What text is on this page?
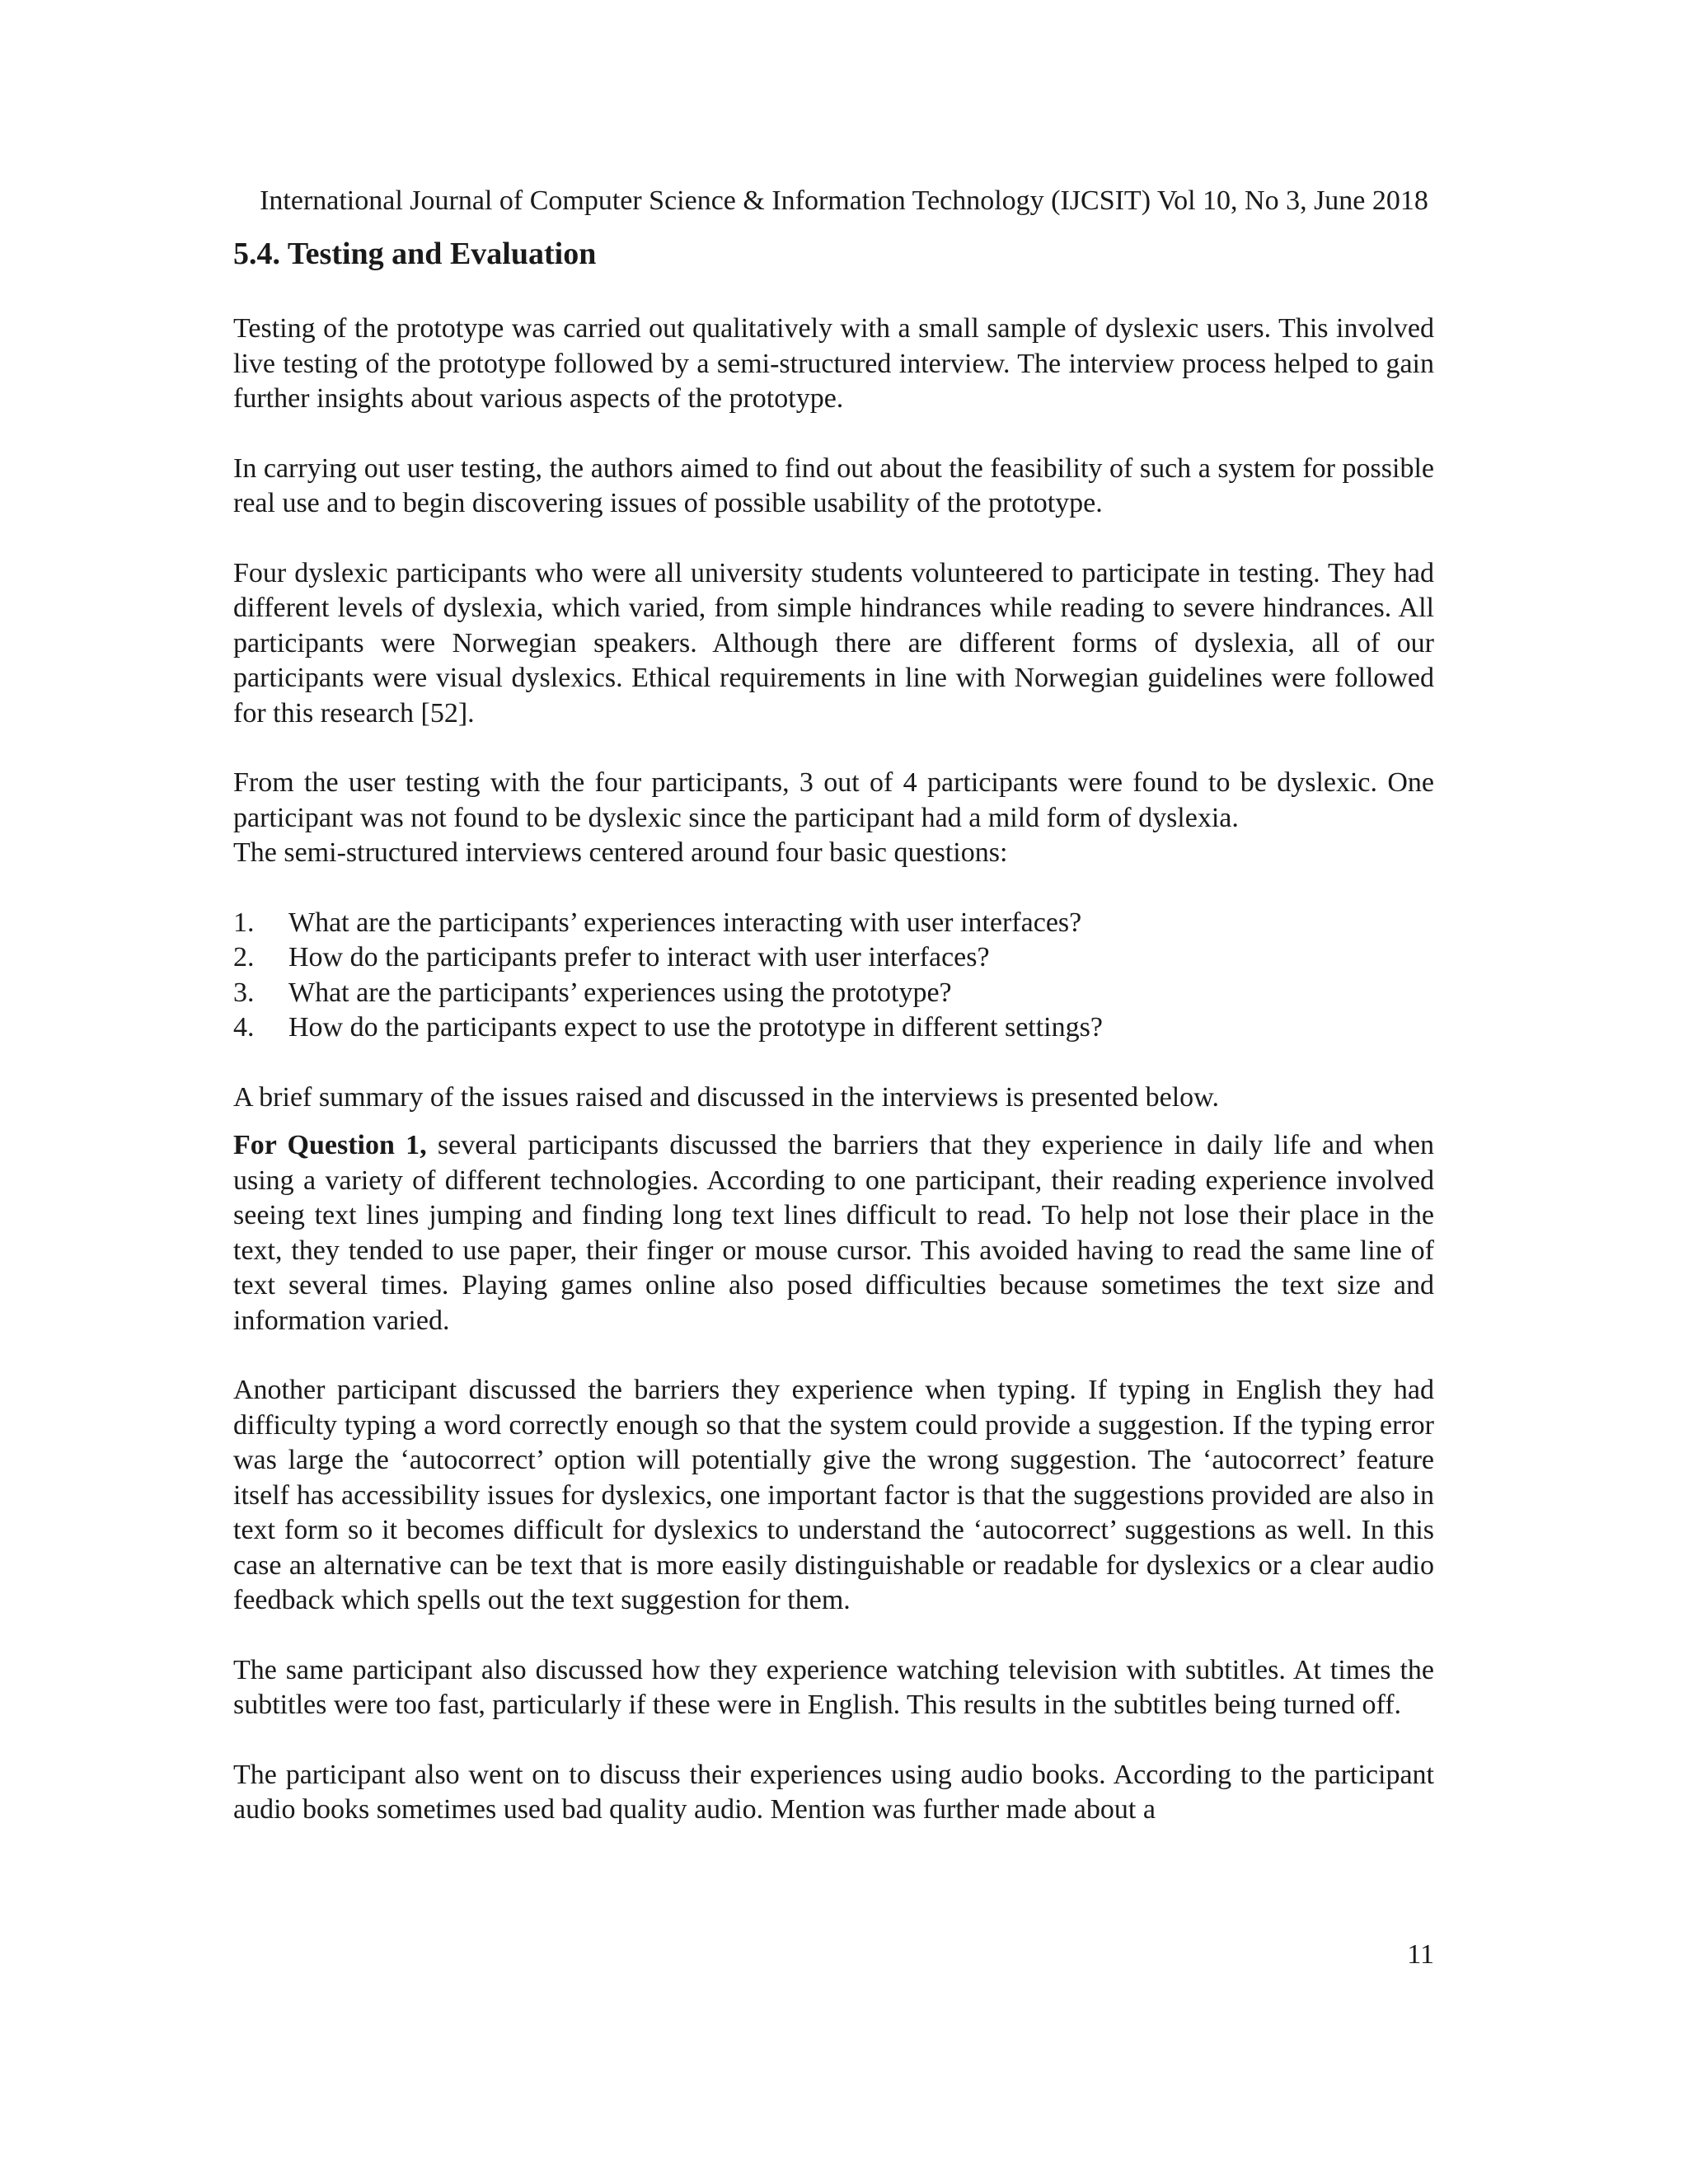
International Journal of Computer Science & Information Technology (IJCSIT) Vol 10, No 3, June 2018
5.4. Testing and Evaluation

Testing of the prototype was carried out qualitatively with a small sample of dyslexic users. This involved live testing of the prototype followed by a semi-structured interview. The interview process helped to gain further insights about various aspects of the prototype.

In carrying out user testing, the authors aimed to find out about the feasibility of such a system for possible real use and to begin discovering issues of possible usability of the prototype.

Four dyslexic participants who were all university students volunteered to participate in testing. They had different levels of dyslexia, which varied, from simple hindrances while reading to severe hindrances. All participants were Norwegian speakers. Although there are different forms of dyslexia, all of our participants were visual dyslexics. Ethical requirements in line with Norwegian guidelines were followed for this research [52].

From the user testing with the four participants, 3 out of 4 participants were found to be dyslexic. One participant was not found to be dyslexic since the participant had a mild form of dyslexia.

The semi-structured interviews centered around four basic questions:

1.	What are the participants’ experiences interacting with user interfaces?
2.	How do the participants prefer to interact with user interfaces?
3.	What are the participants’ experiences using the prototype?
4.	How do the participants expect to use the prototype in different settings?

A brief summary of the issues raised and discussed in the interviews is presented below.

For Question 1, several participants discussed the barriers that they experience in daily life and when using a variety of different technologies. According to one participant, their reading experience involved seeing text lines jumping and finding long text lines difficult to read. To help not lose their place in the text, they tended to use paper, their finger or mouse cursor. This avoided having to read the same line of text several times. Playing games online also posed difficulties because sometimes the text size and information varied.

Another participant discussed the barriers they experience when typing. If typing in English they had difficulty typing a word correctly enough so that the system could provide a suggestion. If the typing error was large the ‘autocorrect’ option will potentially give the wrong suggestion. The ‘autocorrect’ feature itself has accessibility issues for dyslexics, one important factor is that the suggestions provided are also in text form so it becomes difficult for dyslexics to understand the ‘autocorrect’ suggestions as well. In this case an alternative can be text that is more easily distinguishable or readable for dyslexics or a clear audio feedback which spells out the text suggestion for them.

The same participant also discussed how they experience watching television with subtitles. At times the subtitles were too fast, particularly if these were in English. This results in the subtitles being turned off.

The participant also went on to discuss their experiences using audio books. According to the participant audio books sometimes used bad quality audio. Mention was further made about a

11
